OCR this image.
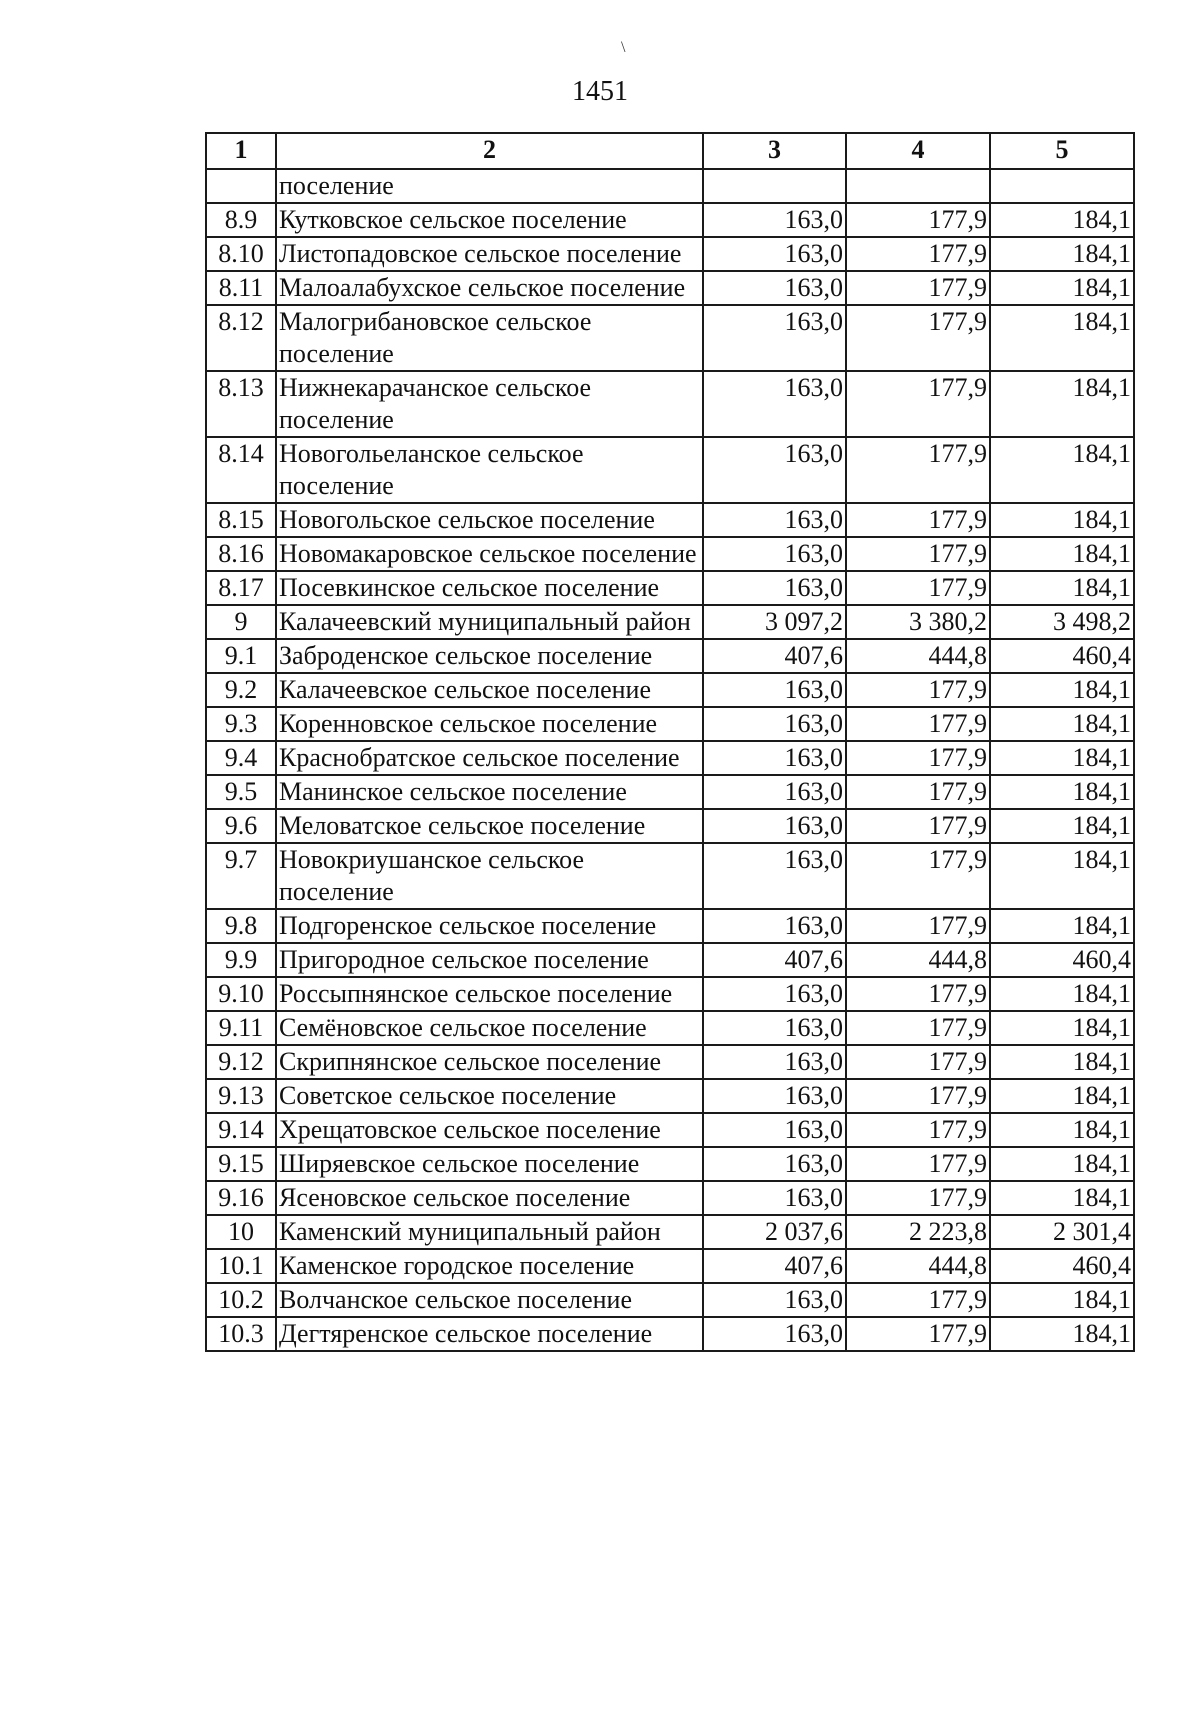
\
1451
1	2	3	4	5
	поселение			
8.9	Кутковское сельское поселение	163,0	177,9	184,1
8.10	Листопадовское сельское поселение	163,0	177,9	184,1
8.11	Малоалабухское сельское поселение	163,0	177,9	184,1
8.12	Малогрибановское сельское поселение	163,0	177,9	184,1
8.13	Нижнекарачанское сельское поселение	163,0	177,9	184,1
8.14	Новогольеланское сельское поселение	163,0	177,9	184,1
8.15	Новогольское сельское поселение	163,0	177,9	184,1
8.16	Новомакаровское сельское поселение	163,0	177,9	184,1
8.17	Посевкинское сельское поселение	163,0	177,9	184,1
9	Калачеевский муниципальный район	3 097,2	3 380,2	3 498,2
9.1	Заброденское сельское поселение	407,6	444,8	460,4
9.2	Калачеевское сельское поселение	163,0	177,9	184,1
9.3	Коренновское сельское поселение	163,0	177,9	184,1
9.4	Краснобратское сельское поселение	163,0	177,9	184,1
9.5	Манинское сельское поселение	163,0	177,9	184,1
9.6	Меловатское сельское поселение	163,0	177,9	184,1
9.7	Новокриушанское сельское поселение	163,0	177,9	184,1
9.8	Подгоренское сельское поселение	163,0	177,9	184,1
9.9	Пригородное сельское поселение	407,6	444,8	460,4
9.10	Россыпнянское сельское поселение	163,0	177,9	184,1
9.11	Семёновское сельское поселение	163,0	177,9	184,1
9.12	Скрипнянское сельское поселение	163,0	177,9	184,1
9.13	Советское сельское поселение	163,0	177,9	184,1
9.14	Хрещатовское сельское поселение	163,0	177,9	184,1
9.15	Ширяевское сельское поселение	163,0	177,9	184,1
9.16	Ясеновское сельское поселение	163,0	177,9	184,1
10	Каменский муниципальный район	2 037,6	2 223,8	2 301,4
10.1	Каменское городское поселение	407,6	444,8	460,4
10.2	Волчанское сельское поселение	163,0	177,9	184,1
10.3	Дегтяренское сельское поселение	163,0	177,9	184,1
